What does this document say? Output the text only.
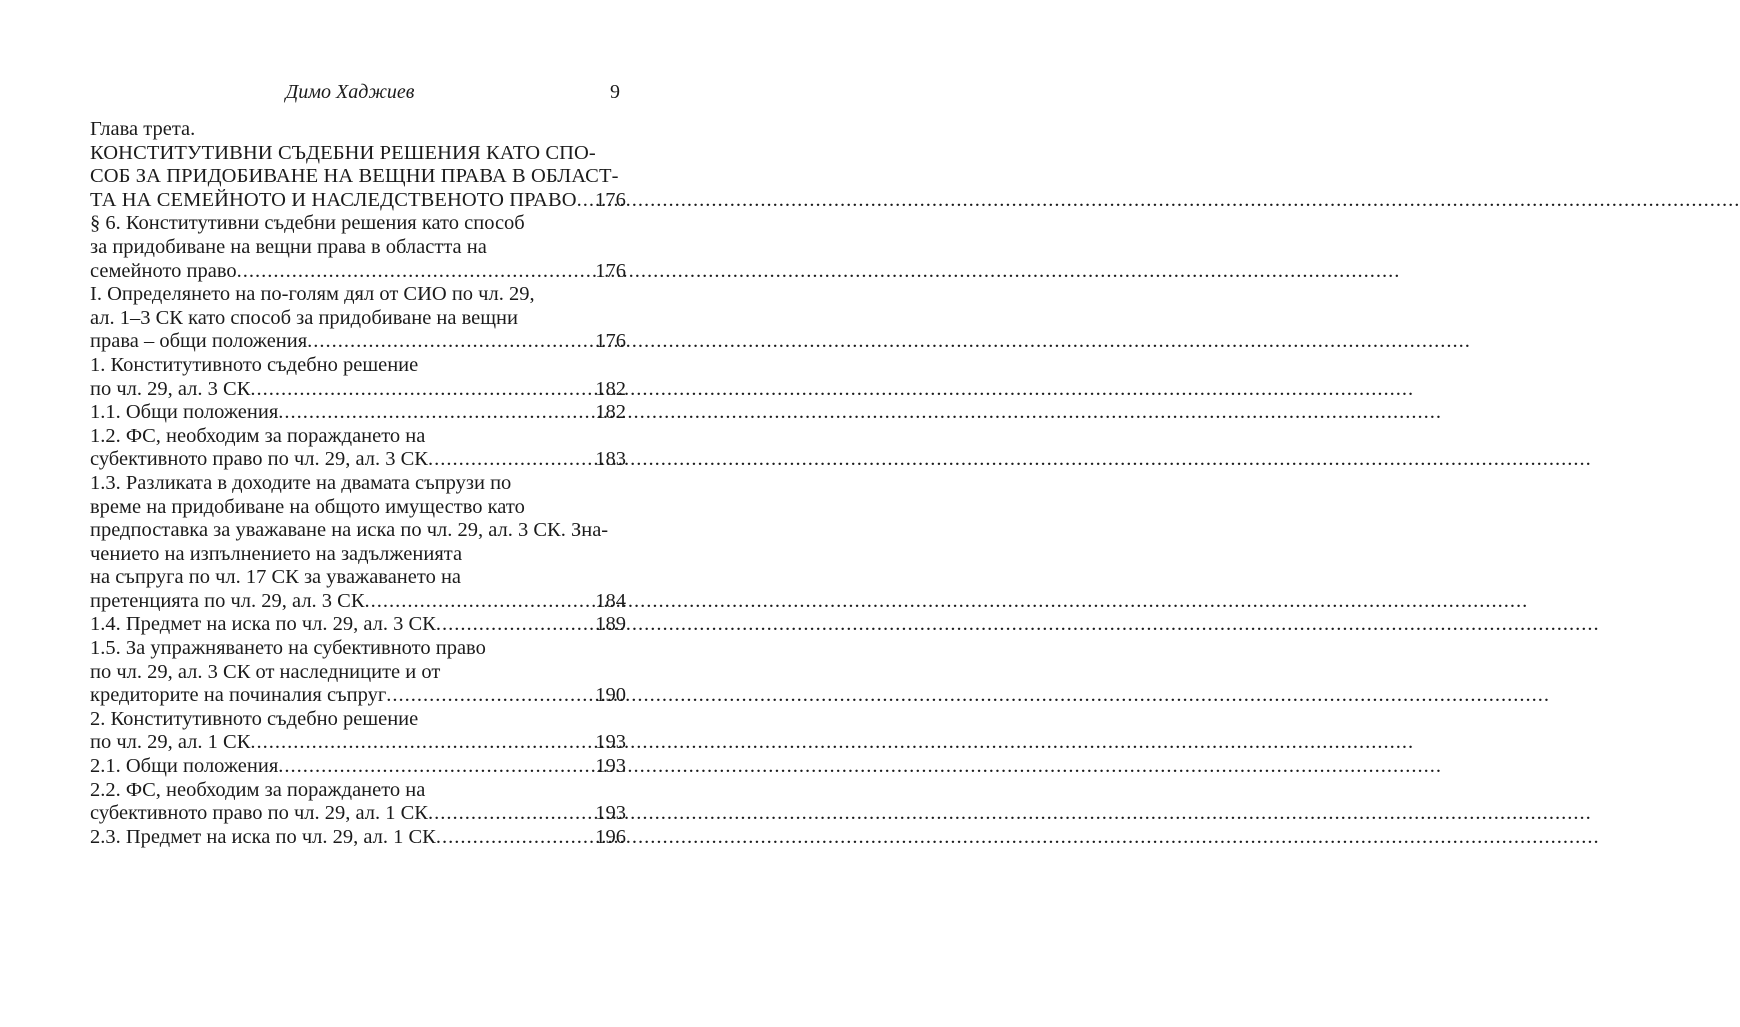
Димо Хаджиев	9
Глава трета.
КОНСТИТУТИВНИ СЪДЕБНИ РЕШЕНИЯ КАТО СПО-
СОБ ЗА ПРИДОБИВАНЕ НА ВЕЩНИ ПРАВА В ОБЛАСТ-
ТА НА СЕМЕЙНОТО И НАСЛЕДСТВЕНОТО ПРАВО ..... 176
§ 6. Конститутивни съдебни решения като способ
за придобиване на вещни права в областта на
семейното право .....	176
I. Определянето на по-голям дял от СИО по чл. 29,
ал. 1–3 СК като способ за придобиване на вещни
права – общи положения .....	176
1. Конститутивното съдебно решение
по чл. 29, ал. 3 СК .....	182
1.1. Общи положения .....	182
1.2. ФС, необходим за пораждането на
субективното право по чл. 29, ал. 3 СК .....	183
1.3. Разликата в доходите на двамата съпрузи по
време на придобиване на общото имущество като
предпоставка за уважаване на иска по чл. 29, ал. 3 СК. Зна-
чението на изпълнението на задълженията
на съпруга по чл. 17 СК за уважаването на
претенцията по чл. 29, ал. 3 СК .....	184
1.4. Предмет на иска по чл. 29, ал. 3 СК .....	189
1.5. За упражняването на субективното право
по чл. 29, ал. 3 СК от наследниците и от
кредиторите на починалия съпруг .....	190
2. Конститутивното съдебно решение
по чл. 29, ал. 1 СК .....	193
2.1. Общи положения .....	193
2.2. ФС, необходим за пораждането на
субективното право по чл. 29, ал. 1 СК .....	193
2.3. Предмет на иска по чл. 29, ал. 1 СК .....	196
